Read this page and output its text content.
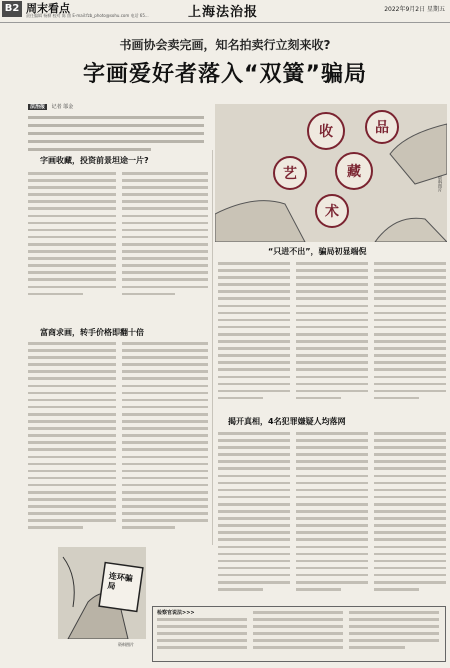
B2 周末看点
责任编辑 杨柳 校对 陈 茵 E-mail:fzb_photo@sohu.com 电话 65...	上海法治报	2022年9月2日 星期五
书画协会卖完画，知名拍卖行立刻来收?
字画爱好者落入“双簧”骗局
法治报 记者 邬金
字画收藏，投资前景坦途一片?
富商求画，转手价格即翻十倍
收
藏
艺
术
品
资料图片
“只进不出”，骗局初显端倪
揭开真相，4名犯罪嫌疑人均落网
连环骗局
资料图片
检察官说法>>>
